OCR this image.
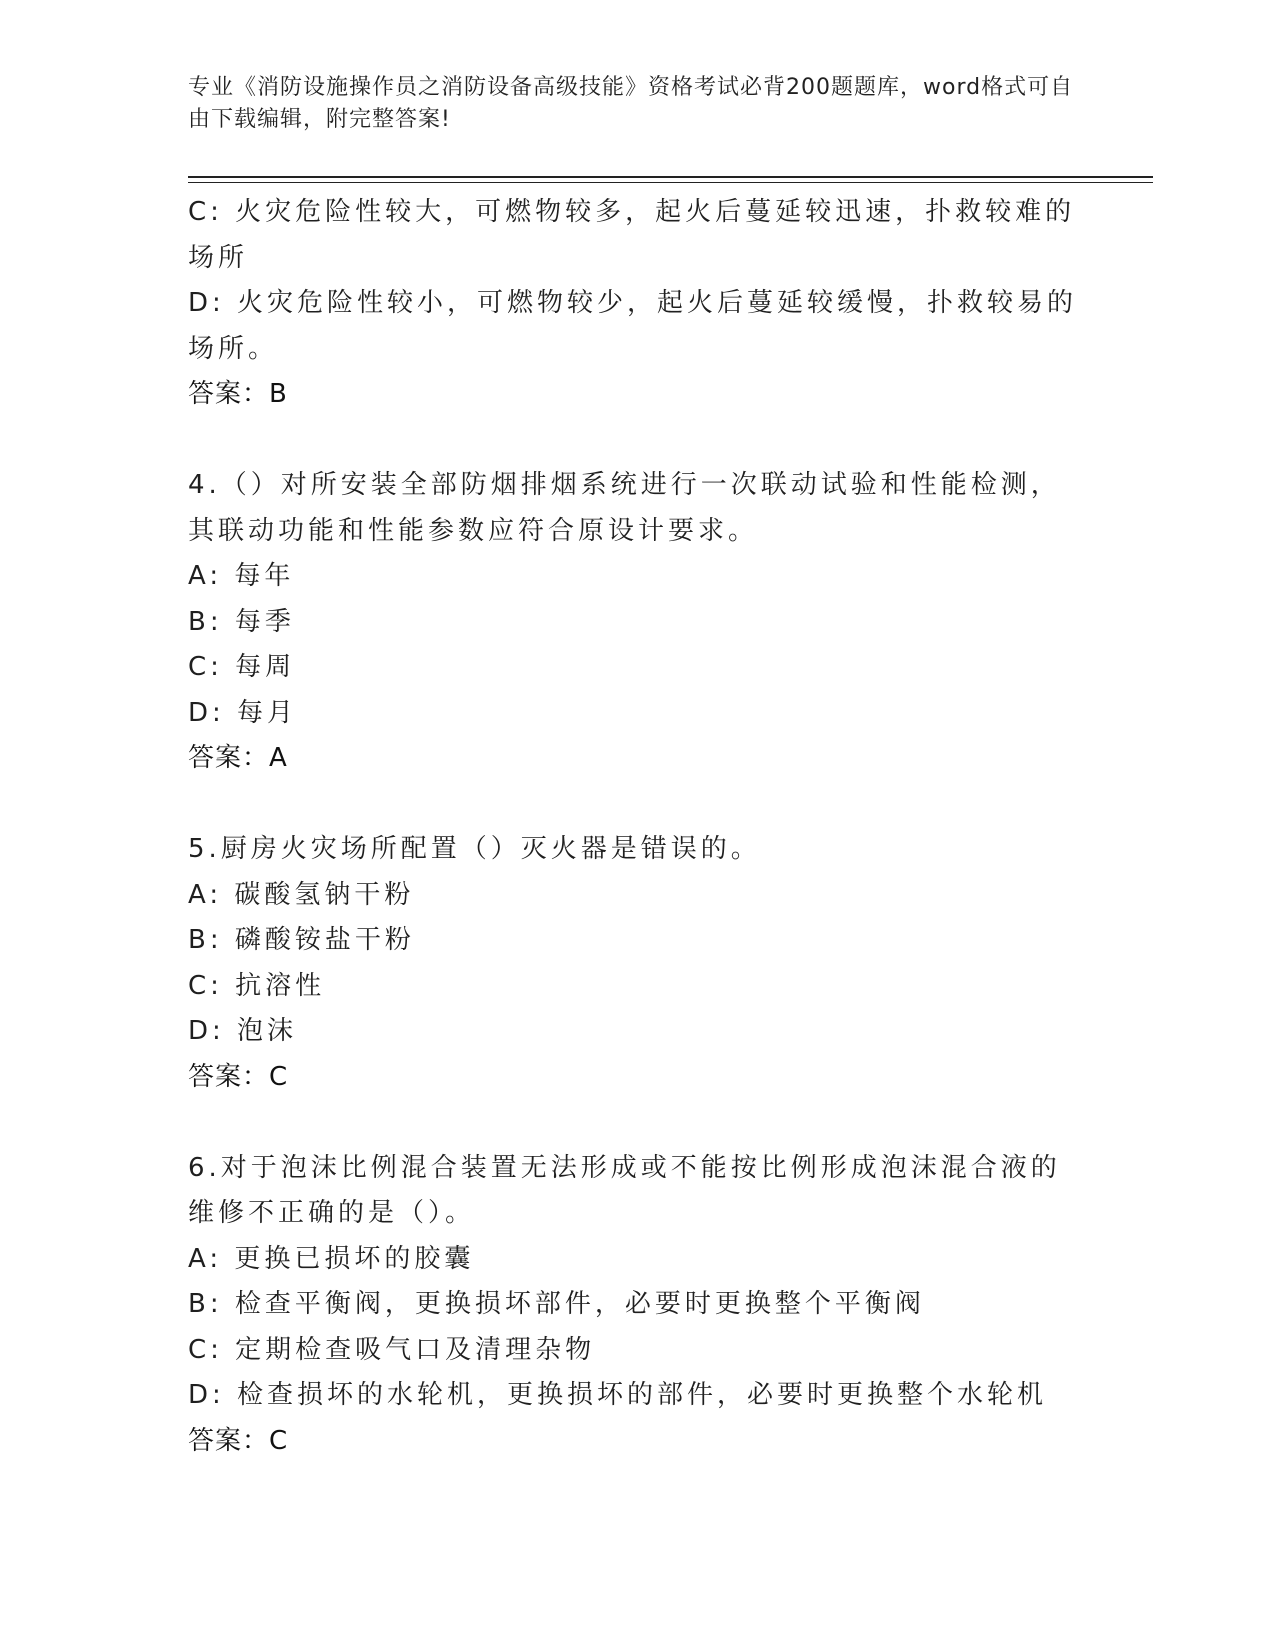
专业《消防设施操作员之消防设备高级技能》资格考试必背200题题库，word格式可自由下载编辑，附完整答案!
C: 火灾危险性较大，可燃物较多，起火后蔓延较迅速，扑救较难的场所
D: 火灾危险性较小，可燃物较少，起火后蔓延较缓慢，扑救较易的场所。
答案：B
4.（）对所安装全部防烟排烟系统进行一次联动试验和性能检测，其联动功能和性能参数应符合原设计要求。
A: 每年
B: 每季
C: 每周
D: 每月
答案：A
5.厨房火灾场所配置（）灭火器是错误的。
A: 碳酸氢钠干粉
B: 磷酸铵盐干粉
C: 抗溶性
D: 泡沫
答案：C
6.对于泡沫比例混合装置无法形成或不能按比例形成泡沫混合液的维修不正确的是（）。
A: 更换已损坏的胶囊
B: 检查平衡阀，更换损坏部件，必要时更换整个平衡阀
C: 定期检查吸气口及清理杂物
D: 检查损坏的水轮机，更换损坏的部件，必要时更换整个水轮机
答案：C
